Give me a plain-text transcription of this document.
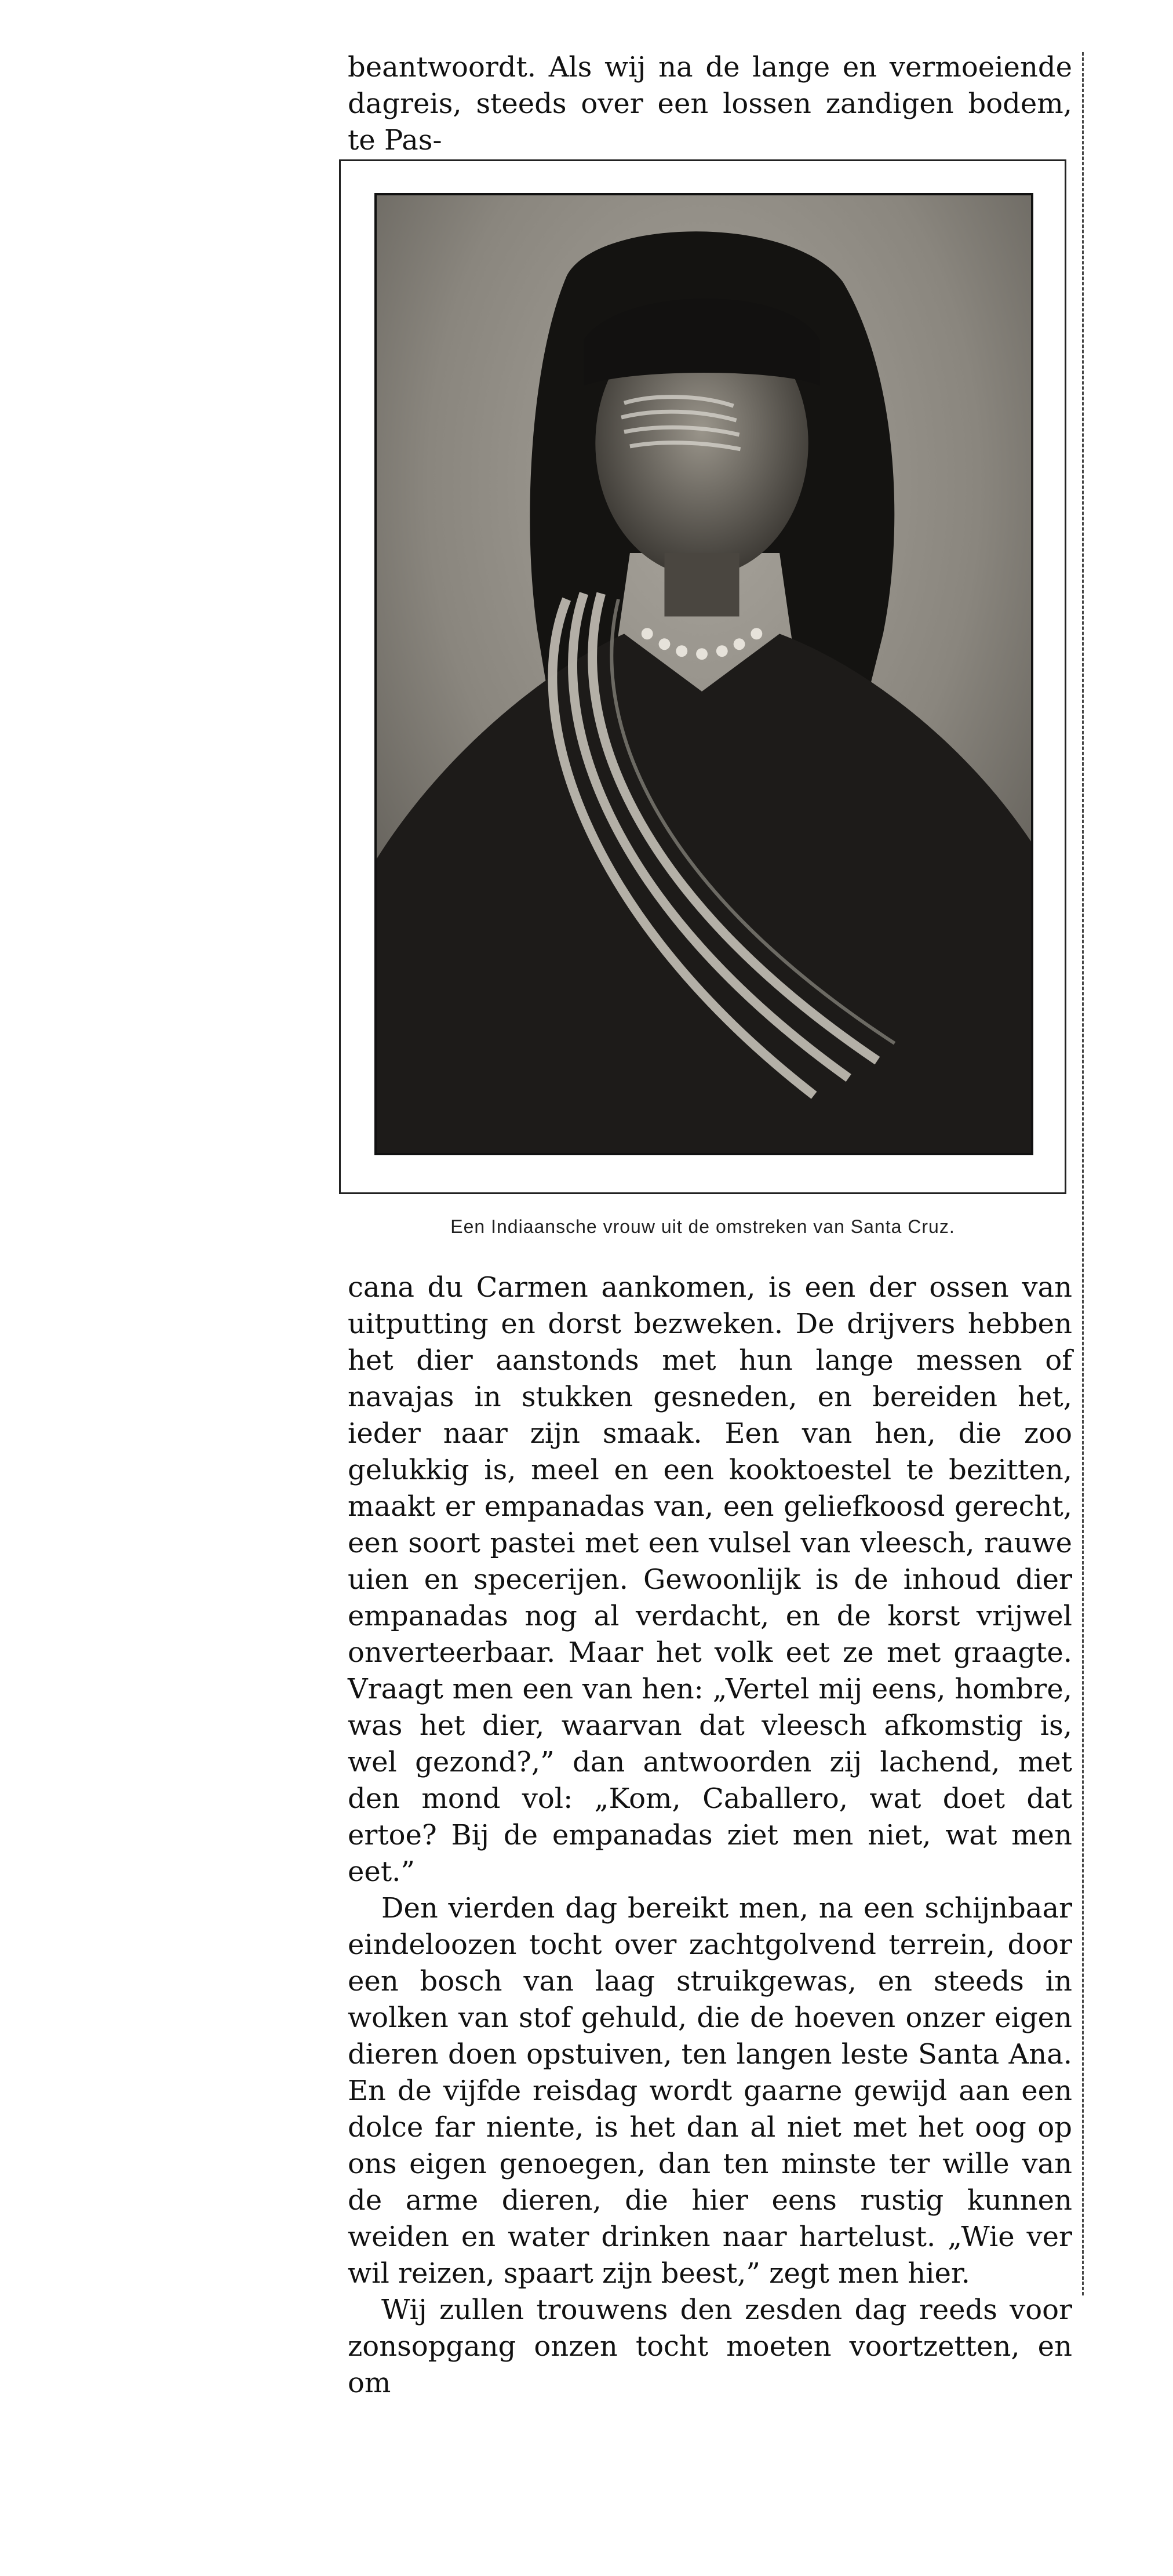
beantwoordt. Als wij na de lange en vermoeiende dagreis, steeds over een lossen zandigen bodem, te Pas-

Een Indiaansche vrouw uit de omstreken van Santa Cruz.

cana du Carmen aankomen, is een der ossen van uitputting en dorst bezweken. De drijvers hebben het dier aanstonds met hun lange messen of navajas in stukken gesneden, en bereiden het, ieder naar zijn smaak. Een van hen, die zoo gelukkig is, meel en een kooktoestel te bezitten, maakt er empanadas van, een geliefkoosd gerecht, een soort pastei met een vulsel van vleesch, rauwe uien en specerijen. Gewoonlijk is de inhoud dier empanadas nog al verdacht, en de korst vrijwel onverteerbaar. Maar het volk eet ze met graagte. Vraagt men een van hen: „Vertel mij eens, hombre, was het dier, waarvan dat vleesch afkomstig is, wel gezond?,” dan antwoorden zij lachend, met den mond vol: „Kom, Caballero, wat doet dat ertoe? Bij de empanadas ziet men niet, wat men eet.”

Den vierden dag bereikt men, na een schijnbaar eindeloozen tocht over zachtgolvend terrein, door een bosch van laag struikgewas, en steeds in wolken van stof gehuld, die de hoeven onzer eigen dieren doen opstuiven, ten langen leste Santa Ana. En de vijfde reisdag wordt gaarne gewijd aan een dolce far niente, is het dan al niet met het oog op ons eigen genoegen, dan ten minste ter wille van de arme dieren, die hier eens rustig kunnen weiden en water drinken naar hartelust. „Wie ver wil reizen, spaart zijn beest,” zegt men hier.

Wij zullen trouwens den zesden dag reeds voor zonsopgang onzen tocht moeten voortzetten, en om
